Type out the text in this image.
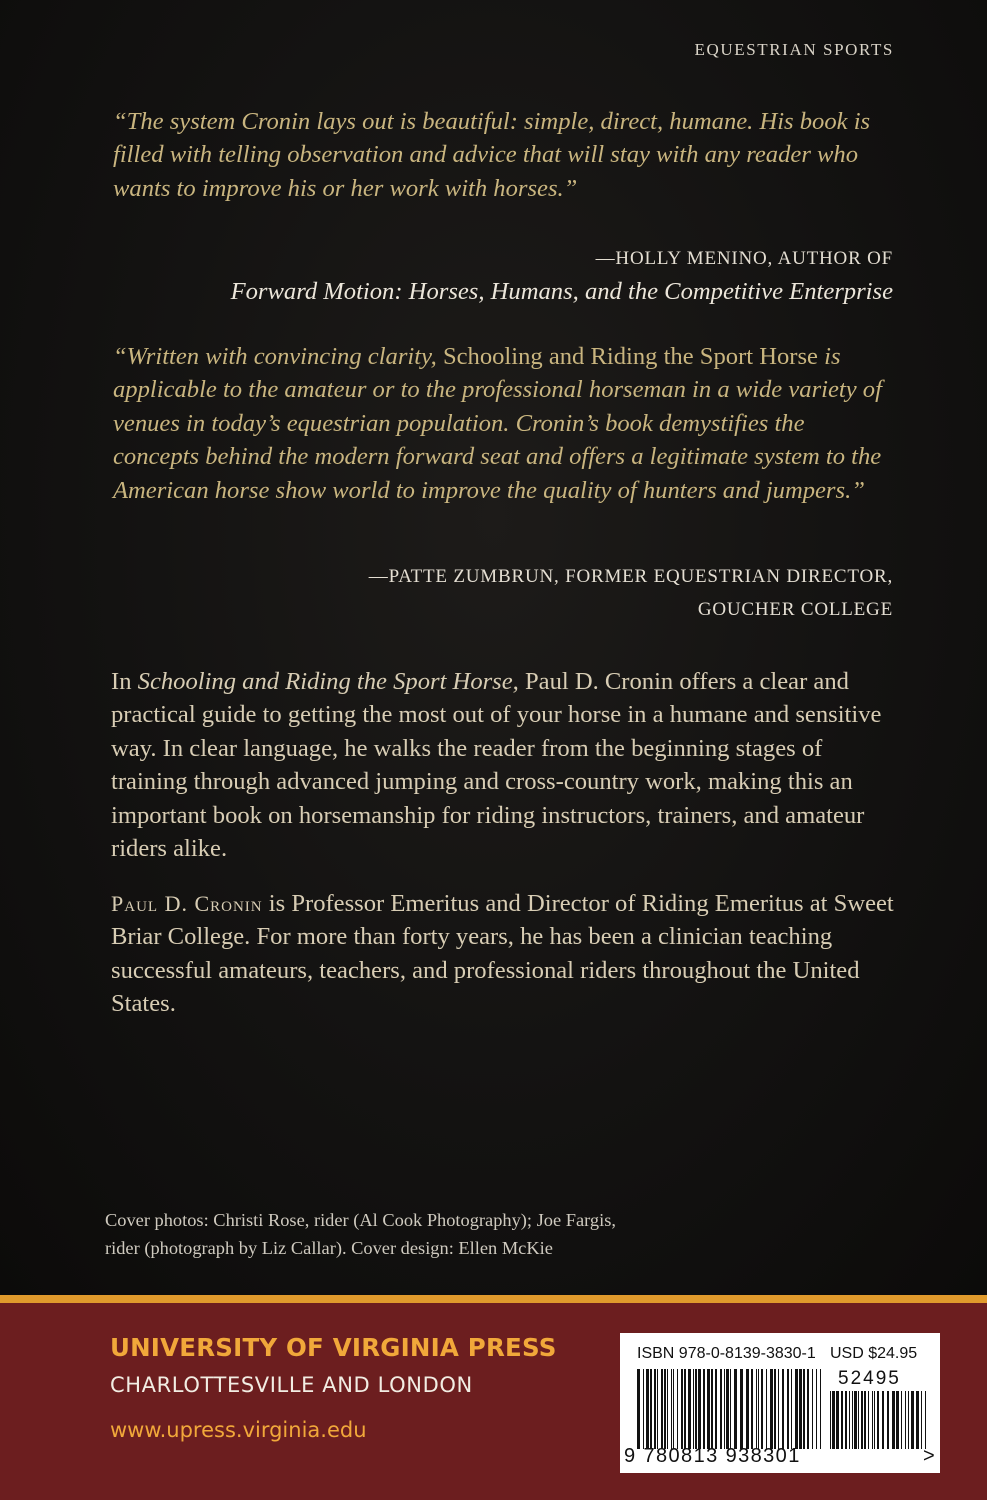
EQUESTRIAN SPORTS

“The system Cronin lays out is beautiful: simple, direct, humane. His book is filled with telling observation and advice that will stay with any reader who wants to improve his or her work with horses.”

—HOLLY MENINO, AUTHOR OF
Forward Motion: Horses, Humans, and the Competitive Enterprise

“Written with convincing clarity, Schooling and Riding the Sport Horse is applicable to the amateur or to the professional horseman in a wide variety of venues in today’s equestrian population. Cronin’s book demystifies the concepts behind the modern forward seat and offers a legitimate system to the American horse show world to improve the quality of hunters and jumpers.”

—PATTE ZUMBRUN, FORMER EQUESTRIAN DIRECTOR,
GOUCHER COLLEGE

In Schooling and Riding the Sport Horse, Paul D. Cronin offers a clear and practical guide to getting the most out of your horse in a humane and sensitive way. In clear language, he walks the reader from the beginning stages of training through advanced jumping and cross-country work, making this an important book on horsemanship for riding instructors, trainers, and amateur riders alike.

Paul D. Cronin is Professor Emeritus and Director of Riding Emeritus at Sweet Briar College. For more than forty years, he has been a clinician teaching successful amateurs, teachers, and professional riders throughout the United States.

Cover photos: Christi Rose, rider (Al Cook Photography); Joe Fargis,
rider (photograph by Liz Callar). Cover design: Ellen McKie
UNIVERSITY OF VIRGINIA PRESS
CHARLOTTESVILLE AND LONDON
www.upress.virginia.edu
ISBN 978-0-8139-3830-1 USD $24.95
52495
9 780813 938301	>
